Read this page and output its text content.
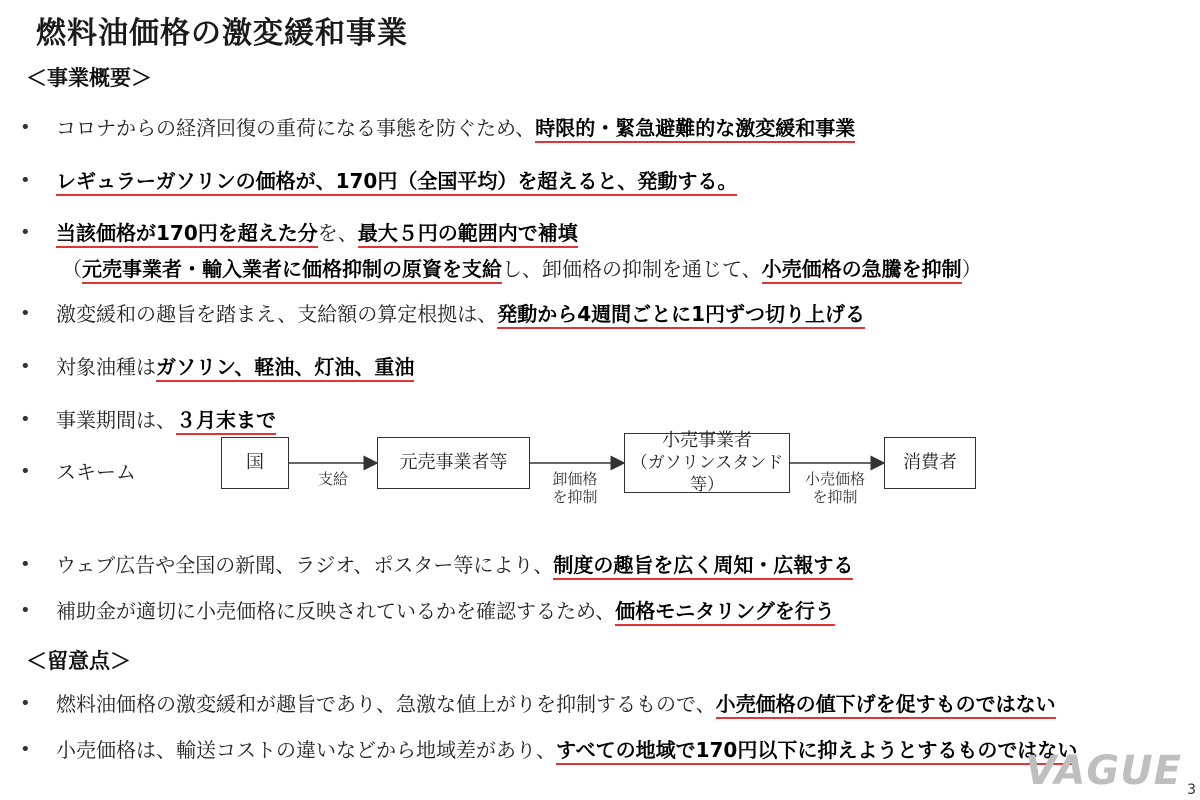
燃料油価格の激変緩和事業
＜事業概要＞
• コロナからの経済回復の重荷になる事態を防ぐため、時限的・緊急避難的な激変緩和事業
• レギュラーガソリンの価格が、170円（全国平均）を超えると、発動する。
• 当該価格が170円を超えた分を、最大５円の範囲内で補填
（元売事業者・輸入業者に価格抑制の原資を支給し、卸価格の抑制を通じて、小売価格の急騰を抑制）
• 激変緩和の趣旨を踏まえ、支給額の算定根拠は、発動から4週間ごとに1円ずつ切り上げる
• 対象油種はガソリン、軽油、灯油、重油
• 事業期間は、３月末まで
• スキーム	国	元売事業者等
小売事業者
（ガソリンスタンド等）
消費者
支給	卸価格
を抑制
小売価格
を抑制
• ウェブ広告や全国の新聞、ラジオ、ポスター等により、制度の趣旨を広く周知・広報する
• 補助金が適切に小売価格に反映されているかを確認するため、価格モニタリングを行う
＜留意点＞
• 燃料油価格の激変緩和が趣旨であり、急激な値上がりを抑制するもので、小売価格の値下げを促すものではない
• 小売価格は、輸送コストの違いなどから地域差があり、すべての地域で170円以下に抑えようとするものではない
VAGUE 3
